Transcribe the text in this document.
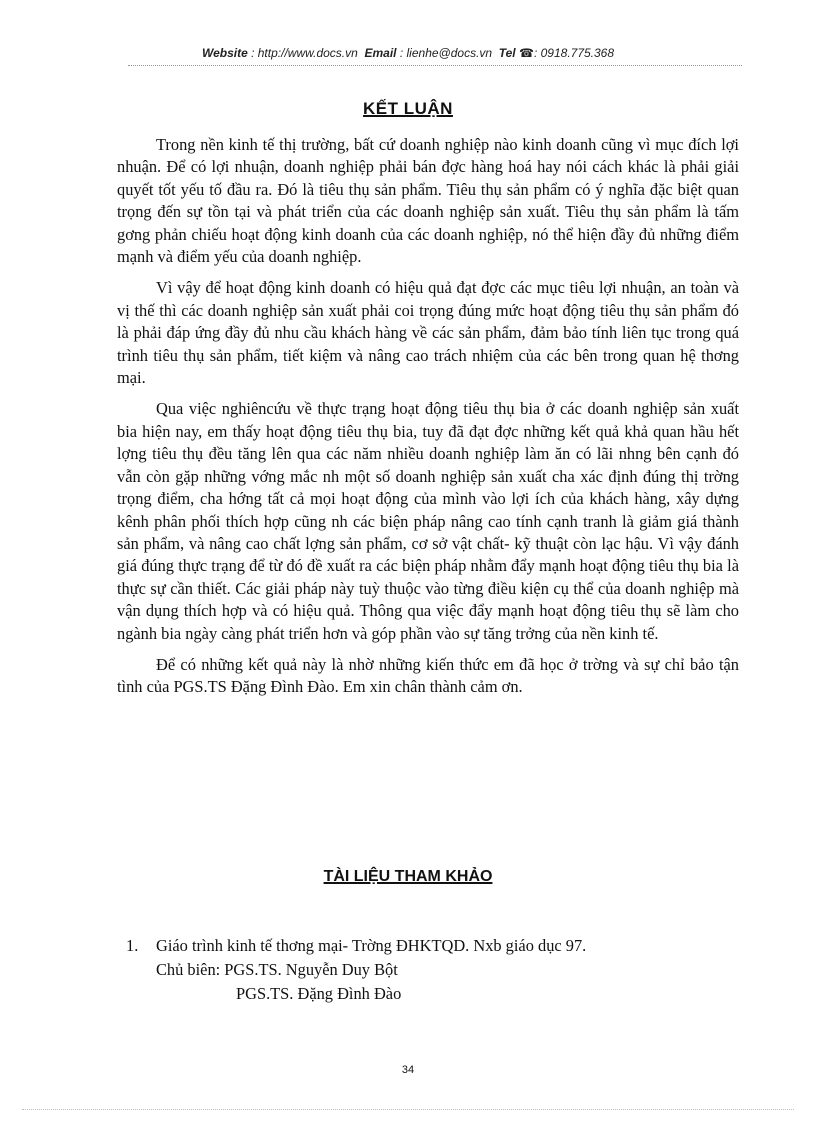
Website : http://www.docs.vn Email : lienhe@docs.vn Tel ☎: 0918.775.368
KẾT LUẬN

Trong nền kinh tế thị trường, bất cứ doanh nghiệp nào kinh doanh cũng vì mục đích lợi nhuận. Để có lợi nhuận, doanh nghiệp phải bán đợc hàng hoá hay nói cách khác là phải giải quyết tốt yếu tố đầu ra. Đó là tiêu thụ sản phẩm. Tiêu thụ sản phẩm có ý nghĩa đặc biệt quan trọng đến sự tồn tại và phát triển của các doanh nghiệp sản xuất. Tiêu thụ sản phẩm là tấm gơng phản chiếu hoạt động kinh doanh của các doanh nghiệp, nó thể hiện đầy đủ những điểm mạnh và điểm yếu của doanh nghiệp.

Vì vậy để hoạt động kinh doanh có hiệu quả đạt đợc các mục tiêu lợi nhuận, an toàn và vị thế thì các doanh nghiệp sản xuất phải coi trọng đúng mức hoạt động tiêu thụ sản phẩm đó là phải đáp ứng đầy đủ nhu cầu khách hàng về các sản phẩm, đảm bảo tính liên tục trong quá trình tiêu thụ sản phẩm, tiết kiệm và nâng cao trách nhiệm của các bên trong quan hệ thơng mại.

Qua việc nghiêncứu về thực trạng hoạt động tiêu thụ bia ở các doanh nghiệp sản xuất bia hiện nay, em thấy hoạt động tiêu thụ bia, tuy đã đạt đợc những kết quả khả quan hầu hết lợng tiêu thụ đều tăng lên qua các năm nhiều doanh nghiệp làm ăn có lãi nhng bên cạnh đó vẫn còn gặp những vớng mắc nh một số doanh nghiệp sản xuất cha xác định đúng thị trờng trọng điểm, cha hớng tất cả mọi hoạt động của mình vào lợi ích của khách hàng, xây dựng kênh phân phối thích hợp cũng nh các biện pháp nâng cao tính cạnh tranh là giảm giá thành sản phẩm, và nâng cao chất lợng sản phẩm, cơ sở vật chất- kỹ thuật còn lạc hậu. Vì vậy đánh giá đúng thực trạng để từ đó đề xuất ra các biện pháp nhằm đẩy mạnh hoạt động tiêu thụ bia là thực sự cần thiết. Các giải pháp này tuỳ thuộc vào từng điều kiện cụ thể của doanh nghiệp mà vận dụng thích hợp và có hiệu quả. Thông qua việc đẩy mạnh hoạt động tiêu thụ sẽ làm cho ngành bia ngày càng phát triển hơn và góp phần vào sự tăng trởng của nền kinh tế.

Để có những kết quả này là nhờ những kiến thức em đã học ở trờng và sự chỉ bảo tận tình của PGS.TS Đặng Đình Đào. Em xin chân thành cảm ơn.

TÀI LIỆU THAM KHẢO
1. Giáo trình kinh tế thơng mại- Trờng ĐHKTQD. Nxb giáo dục 97.
Chủ biên: PGS.TS. Nguyễn Duy Bột
PGS.TS. Đặng Đình Đào
34
